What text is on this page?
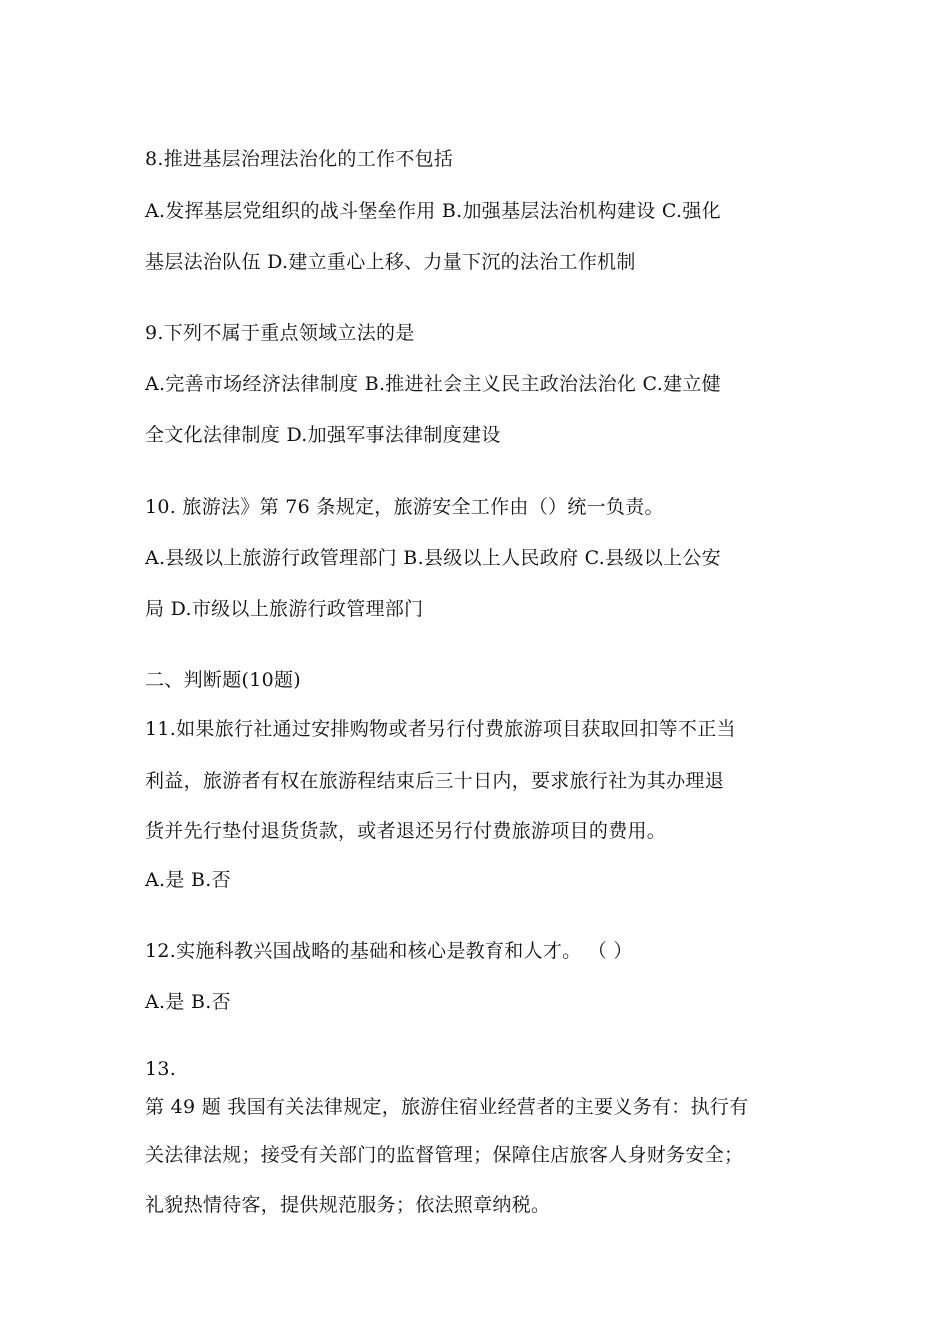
8.推进基层治理法治化的工作不包括
A.发挥基层党组织的战斗堡垒作用 B.加强基层法治机构建设 C.强化
基层法治队伍 D.建立重心上移、力量下沉的法治工作机制
9.下列不属于重点领域立法的是
A.完善市场经济法律制度 B.推进社会主义民主政治法治化 C.建立健
全文化法律制度 D.加强军事法律制度建设
10. 旅游法》第 76 条规定，旅游安全工作由（）统一负责。
A.县级以上旅游行政管理部门 B.县级以上人民政府 C.县级以上公安
局 D.市级以上旅游行政管理部门
二、判断题(10题)
11.如果旅行社通过安排购物或者另行付费旅游项目获取回扣等不正当
利益，旅游者有权在旅游程结束后三十日内，要求旅行社为其办理退
货并先行垫付退货货款，或者退还另行付费旅游项目的费用。
A.是 B.否
12.实施科教兴国战略的基础和核心是教育和人才。 （ ）
A.是 B.否
13.
第 49 题 我国有关法律规定，旅游住宿业经营者的主要义务有：执行有
关法律法规；接受有关部门的监督管理；保障住店旅客人身财务安全；
礼貌热情待客，提供规范服务；依法照章纳税。
